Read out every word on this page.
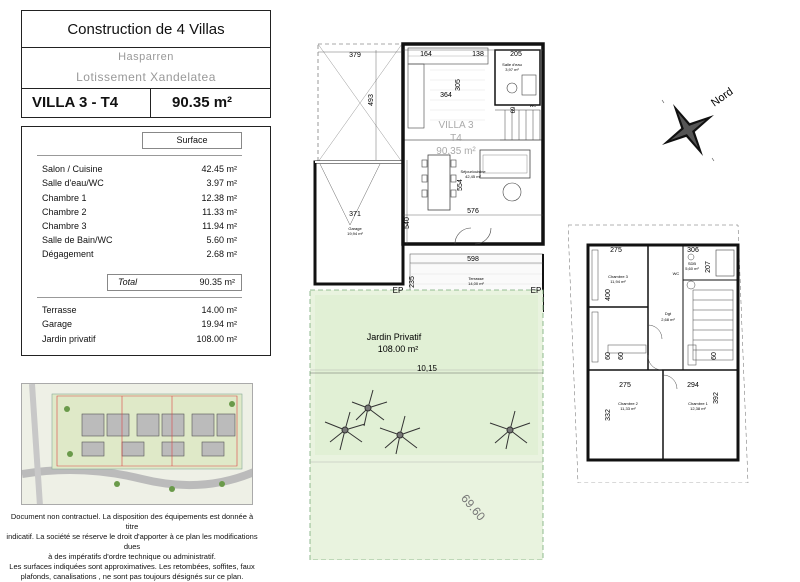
Construction de 4 Villas
Hasparren
Lotissement Xandelatea
VILLA 3 - T4	90.35 m²
Surface
Salon / Cuisine	42.45 m²
Salle d'eau/WC	3.97 m²
Chambre 1	12.38 m²
Chambre 2	11.33 m²
Chambre 3	11.94 m²
Salle de Bain/WC	5.60 m²
Dégagement	2.68 m²
Total	90.35 m²
Terrasse	14.00 m²
Garage	19.94 m²
Jardin privatif	108.00 m²
Document non contractuel. La disposition des équipements est donnée à titre
indicatif. La société se réserve le droit d'apporter à ce plan les modifications dues
à des impératifs d'ordre technique ou administratif.
Les surfaces indiquées sont approximatives. Les retombées, soffites, faux
plafonds, canalisations , ne sont pas toujours désignés sur ce plan.
379
493
164	138	205
305
364
554
576
371
540
598
235
69
10,15
69.60
Salle d'eau
3,97 m²
WC
Séjour/cuisine
42,45 m²
Garage
19,94 m²
Terrasse
14,00 m²
VILLA 3
T4
90,35 m²
EP	EP
Jardin Privatif
108.00 m²
275	306
207
400
60 60	60
275	294
332
392
Chambre 3
11,94 m²
SDB
5,60 m²
WC
Dgt
2,68 m²
Chambre 2
11,33 m²
Chambre 1
12,38 m²
Nord
